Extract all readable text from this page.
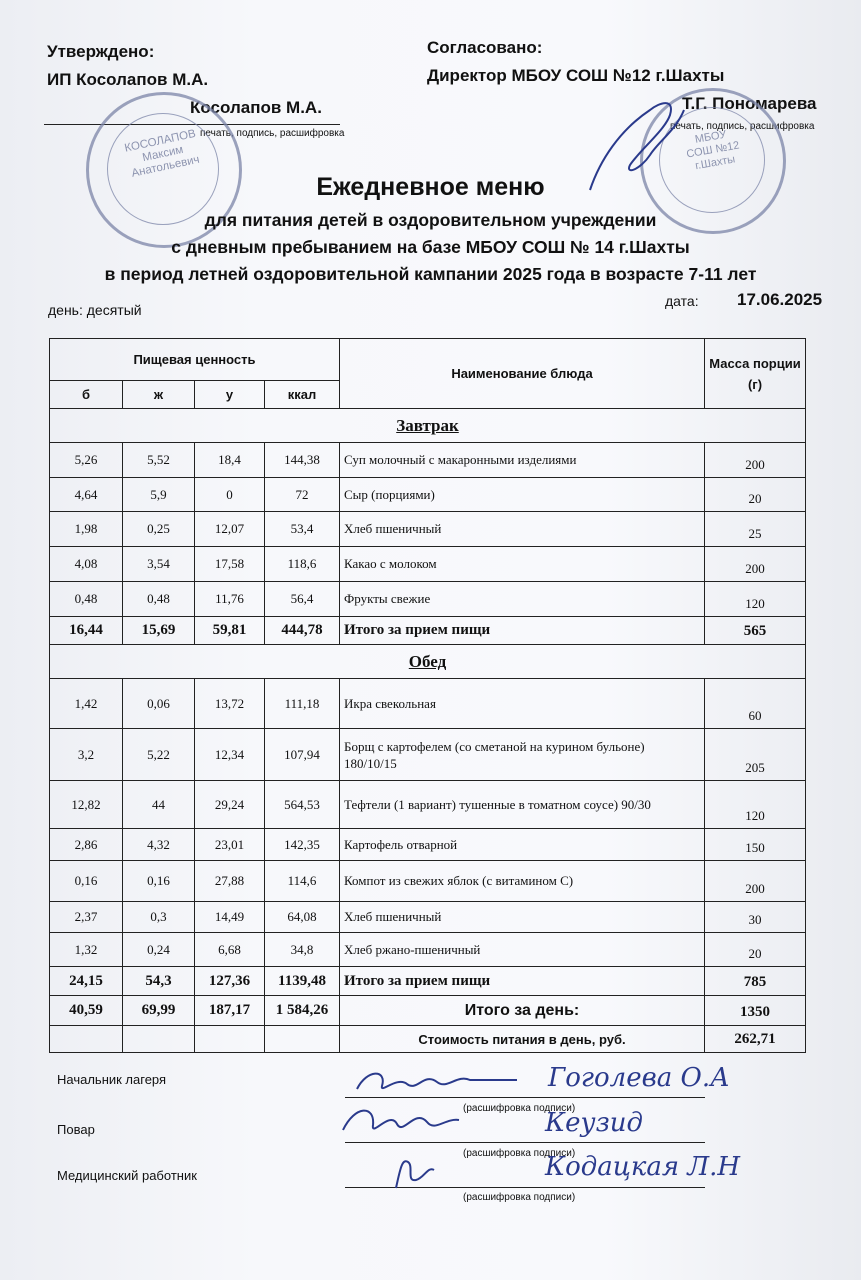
Утверждено:
ИП Косолапов М.А.
Косолапов М.А.
печать, подпись, расшифровка
КОСОЛАПОВ Максим Анатольевич
Согласовано:
Директор МБОУ СОШ №12 г.Шахты
Т.Г. Пономарева
печать, подпись, расшифровка
МБОУ СОШ №12 г.Шахты
Ежедневное меню
для питания детей в оздоровительном учреждении
с дневным пребыванием на базе МБОУ СОШ № 14 г.Шахты
в период летней оздоровительной кампании 2025 года в возрасте 7-11 лет
день: десятый
дата: 17.06.2025
Пищевая ценность				Наименование блюда	Масса порции (г)
б	ж	у	ккал		
Завтрак					
5,26	5,52	18,4	144,38	Суп молочный с макаронными изделиями	200
4,64	5,9	0	72	Сыр (порциями)	20
1,98	0,25	12,07	53,4	Хлеб пшеничный	25
4,08	3,54	17,58	118,6	Какао с молоком	200
0,48	0,48	11,76	56,4	Фрукты свежие	120
16,44	15,69	59,81	444,78	Итого за прием пищи	565
Обед					
1,42	0,06	13,72	111,18	Икра свекольная	60
3,2	5,22	12,34	107,94	Борщ с картофелем (со сметаной на курином бульоне) 180/10/15	205
12,82	44	29,24	564,53	Тефтели (1 вариант) тушенные в томатном соусе) 90/30	120
2,86	4,32	23,01	142,35	Картофель отварной	150
0,16	0,16	27,88	114,6	Компот из свежих яблок (с витамином С)	200
2,37	0,3	14,49	64,08	Хлеб пшеничный	30
1,32	0,24	6,68	34,8	Хлеб ржано-пшеничный	20
24,15	54,3	127,36	1139,48	Итого за прием пищи	785
40,59	69,99	187,17	1 584,26	Итого за день:	1350
				Стоимость питания в день, руб.	262,71
Начальник лагеря
(расшифровка подписи)
Гоголева О.А
Повар
(расшифровка подписи)
Кеузид
Медицинский работник
(расшифровка подписи)
Кодацкая Л.Н
